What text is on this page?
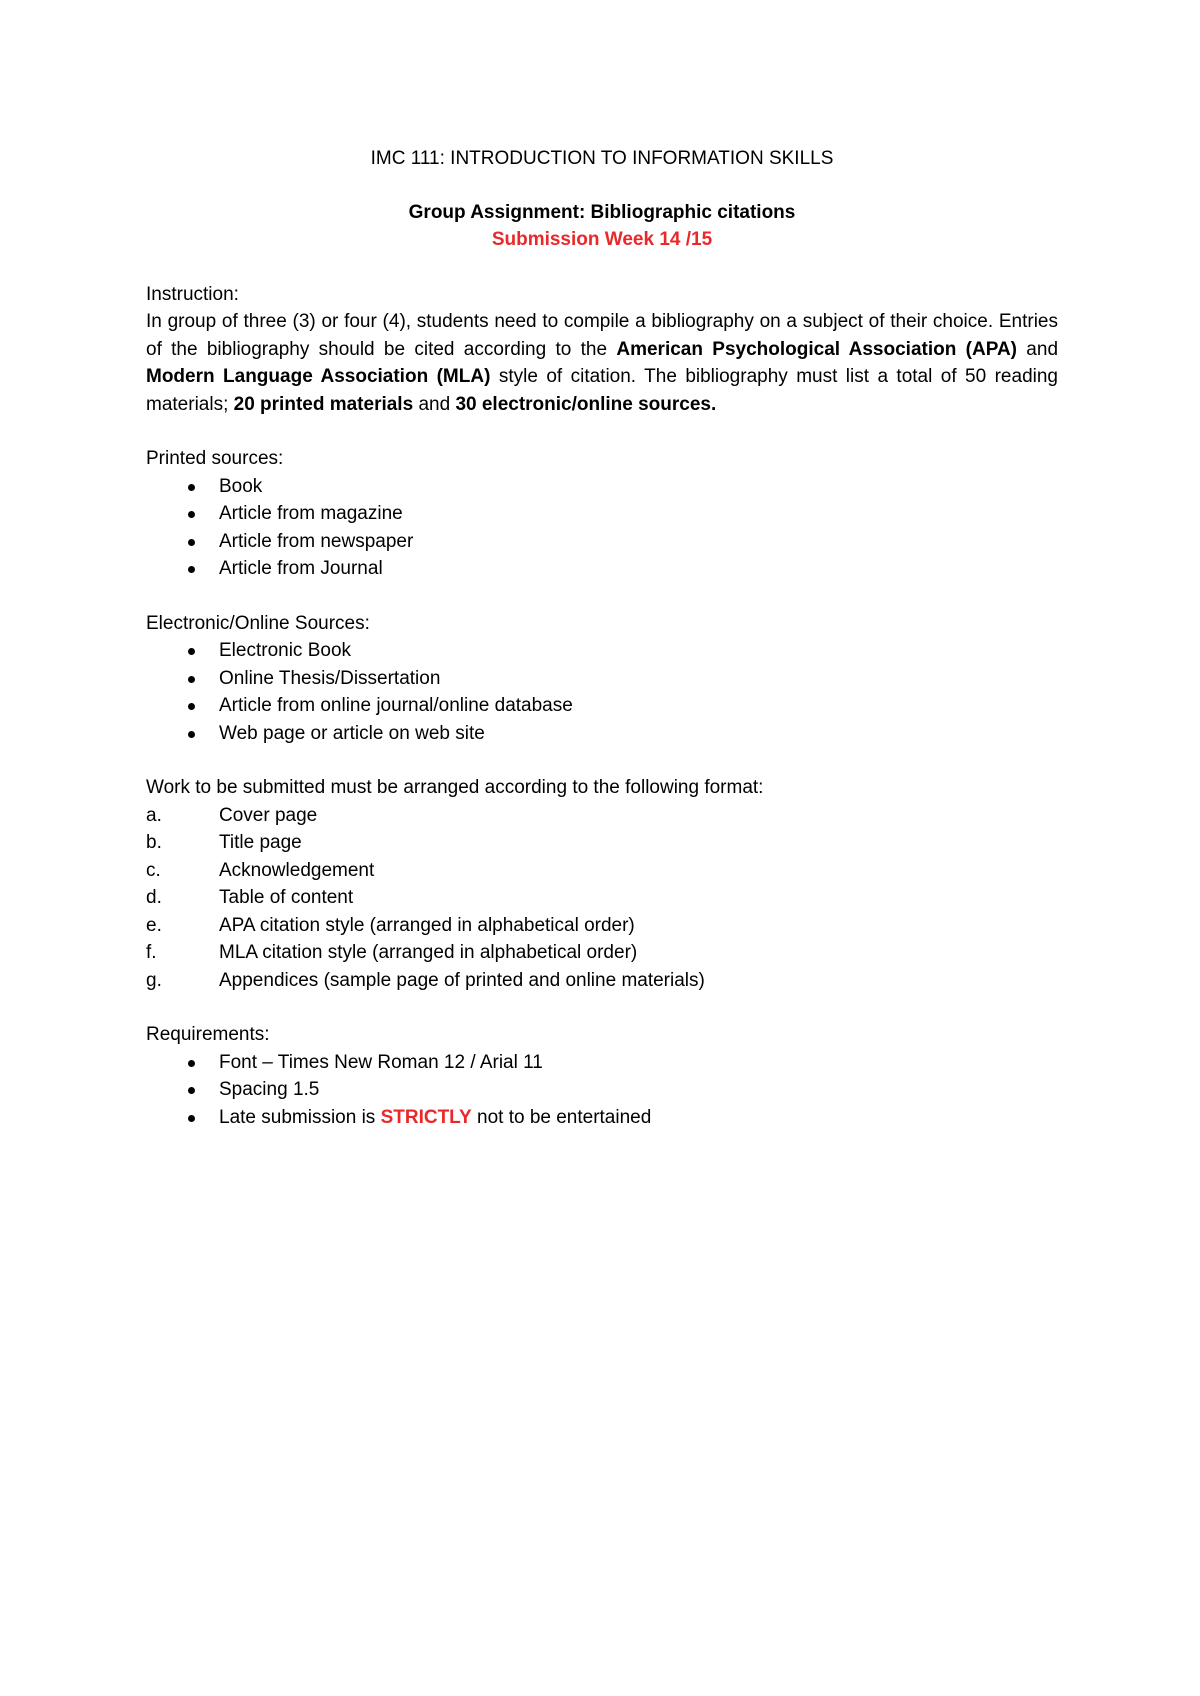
IMC 111: INTRODUCTION TO INFORMATION SKILLS
Group Assignment: Bibliographic citations
Submission Week 14 /15
Instruction:
In group of three (3) or four (4), students need to compile a bibliography on a subject of their choice. Entries of the bibliography should be cited according to the American Psychological Association (APA) and Modern Language Association (MLA) style of citation. The bibliography must list a total of 50 reading materials; 20 printed materials and 30 electronic/online sources.
Printed sources:
Book
Article from magazine
Article from newspaper
Article from Journal
Electronic/Online Sources:
Electronic Book
Online Thesis/Dissertation
Article from online journal/online database
Web page or article on web site
Work to be submitted must be arranged according to the following format:
a.	Cover page
b.	Title page
c.	Acknowledgement
d.	Table of content
e.	APA citation style (arranged in alphabetical order)
f.	MLA citation style (arranged in alphabetical order)
g.	Appendices (sample page of printed and online materials)
Requirements:
Font – Times New Roman 12 / Arial 11
Spacing 1.5
Late submission is STRICTLY not to be entertained
